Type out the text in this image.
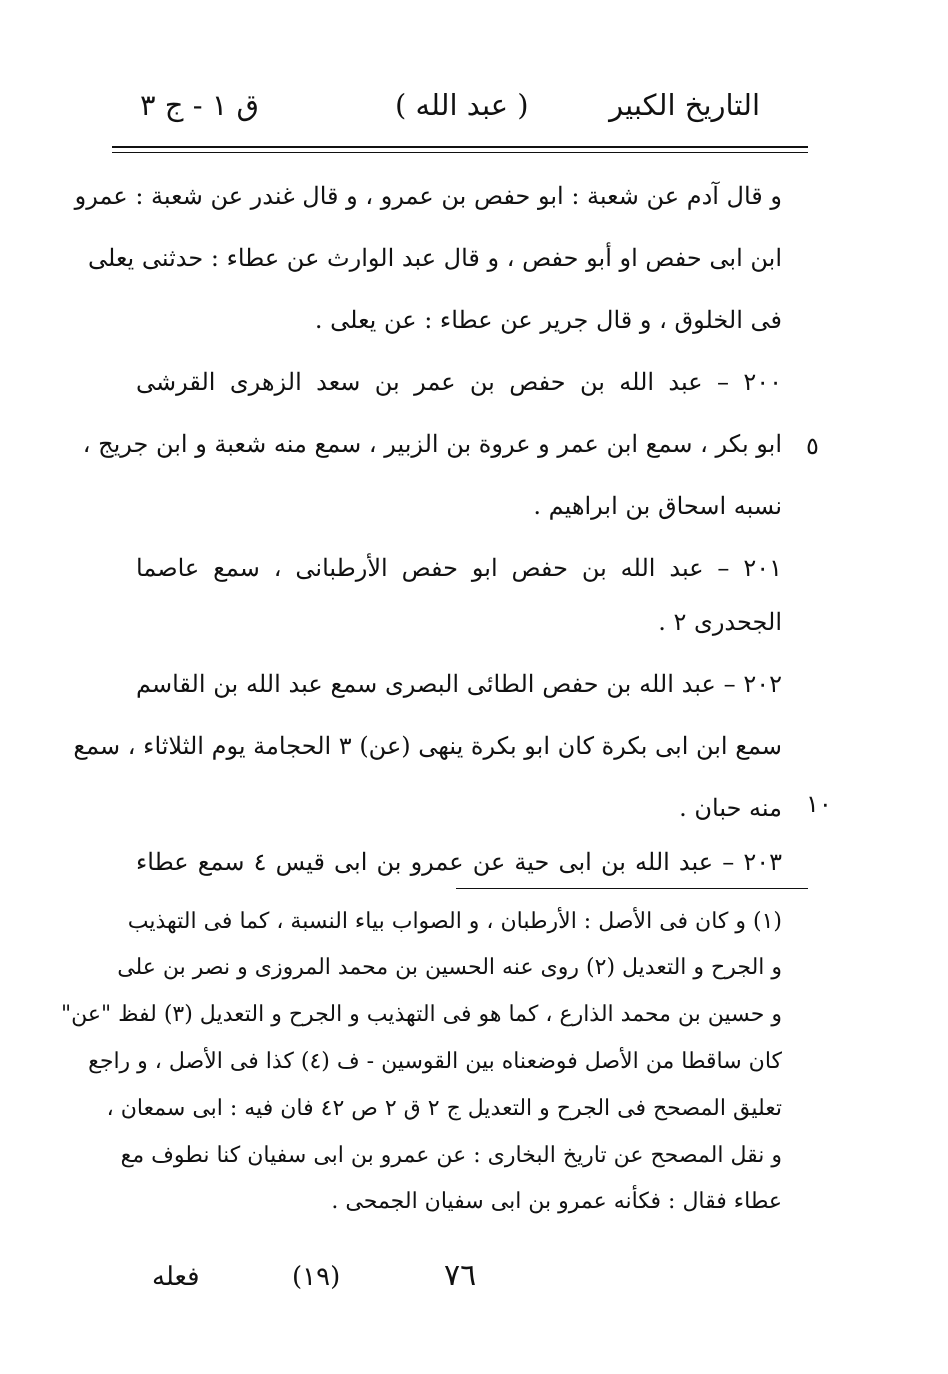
التاريخ الكبير
( عبد الله )
ق ١ - ج ٣
و قال آدم عن شعبة : ابو حفص بن عمرو ، و قال غندر عن شعبة : عمرو
ابن ابى حفص او أبو حفص ، و قال عبد الوارث عن عطاء : حدثنى يعلى
فى الخلوق ، و قال جرير عن عطاء : عن يعلى .
٢٠٠ – عبد الله بن حفص بن عمر بن سعد الزهرى القرشى
ابو بكر ، سمع ابن عمر و عروة بن الزبير ، سمع منه شعبة و ابن جريج ،
نسبه اسحاق بن ابراهيم .
٢٠١ – عبد الله بن حفص ابو حفص الأرطبانى ، سمع عاصما
الجحدرى ٢ .
٢٠٢ – عبد الله بن حفص الطائى البصرى سمع عبد الله بن القاسم
سمع ابن ابى بكرة كان ابو بكرة ينهى (عن) ٣ الحجامة يوم الثلاثاء ، سمع
منه حبان .
٢٠٣ – عبد الله بن ابى حية عن عمرو بن ابى قيس ٤ سمع عطاء
٥
١٠
(١) و كان فى الأصل : الأرطبان ، و الصواب بياء النسبة ، كما فى التهذيب
و الجرح و التعديل (٢) روى عنه الحسين بن محمد المروزى و نصر بن على
و حسين بن محمد الذارع ، كما هو فى التهذيب و الجرح و التعديل (٣) لفظ "عن"
كان ساقطا من الأصل فوضعناه بين القوسين - ف (٤) كذا فى الأصل ، و راجع
تعليق المصحح فى الجرح و التعديل ج ٢ ق ٢ ص ٤٢ فان فيه : ابى سمعان ،
و نقل المصحح عن تاريخ البخارى : عن عمرو بن ابى سفيان كنا نطوف مع
عطاء فقال : فكأنه عمرو بن ابى سفيان الجمحى .
فعله	(١٩)	٧٦
